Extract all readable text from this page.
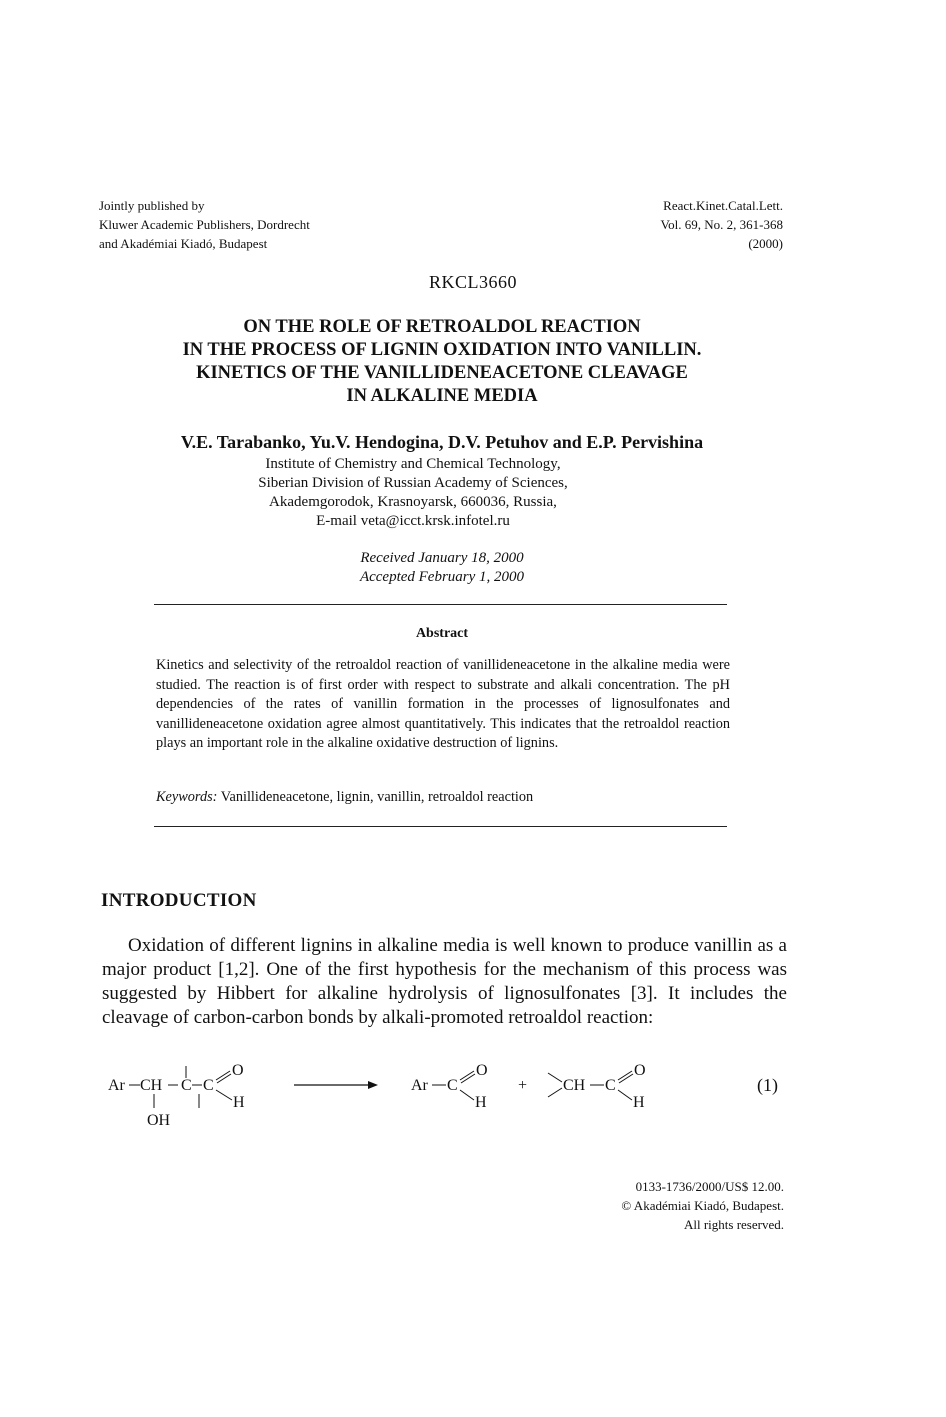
Jointly published by
Kluwer Academic Publishers, Dordrecht
and Akadémiai Kiadó, Budapest
React.Kinet.Catal.Lett.
Vol. 69, No. 2, 361-368
(2000)
RKCL3660
ON THE ROLE OF RETROALDOL REACTION
IN THE PROCESS OF LIGNIN OXIDATION INTO VANILLIN.
KINETICS OF THE VANILLIDENEACETONE CLEAVAGE
IN ALKALINE MEDIA
V.E. Tarabanko, Yu.V. Hendogina, D.V. Petuhov and E.P. Pervishina
Institute of Chemistry and Chemical Technology,
Siberian Division of Russian Academy of Sciences,
Akademgorodok, Krasnoyarsk, 660036, Russia,
E-mail veta@icct.krsk.infotel.ru
Received January 18, 2000
Accepted February 1, 2000
Abstract
Kinetics and selectivity of the retroaldol reaction of vanillideneacetone in the alkaline media were studied. The reaction is of first order with respect to substrate and alkali concentration. The pH dependencies of the rates of vanillin formation in the processes of lignosulfonates and vanillideneacetone oxidation agree almost quantitatively. This indicates that the retroaldol reaction plays an important role in the alkaline oxidative destruction of lignins.
Keywords: Vanillideneacetone, lignin, vanillin, retroaldol reaction
INTRODUCTION

Oxidation of different lignins in alkaline media is well known to produce vanillin as a major product [1,2]. One of the first hypothesis for the mechanism of this process was suggested by Hibbert for alkaline hydrolysis of lignosulfonates [3]. It includes the cleavage of carbon-carbon bonds by alkali-promoted retroaldol reaction:

Ar CH C C
OH
O
H
Ar C
O
H
+ CH C
O
H
(1)
0133-1736/2000/US$ 12.00.
© Akadémiai Kiadó, Budapest.
All rights reserved.
